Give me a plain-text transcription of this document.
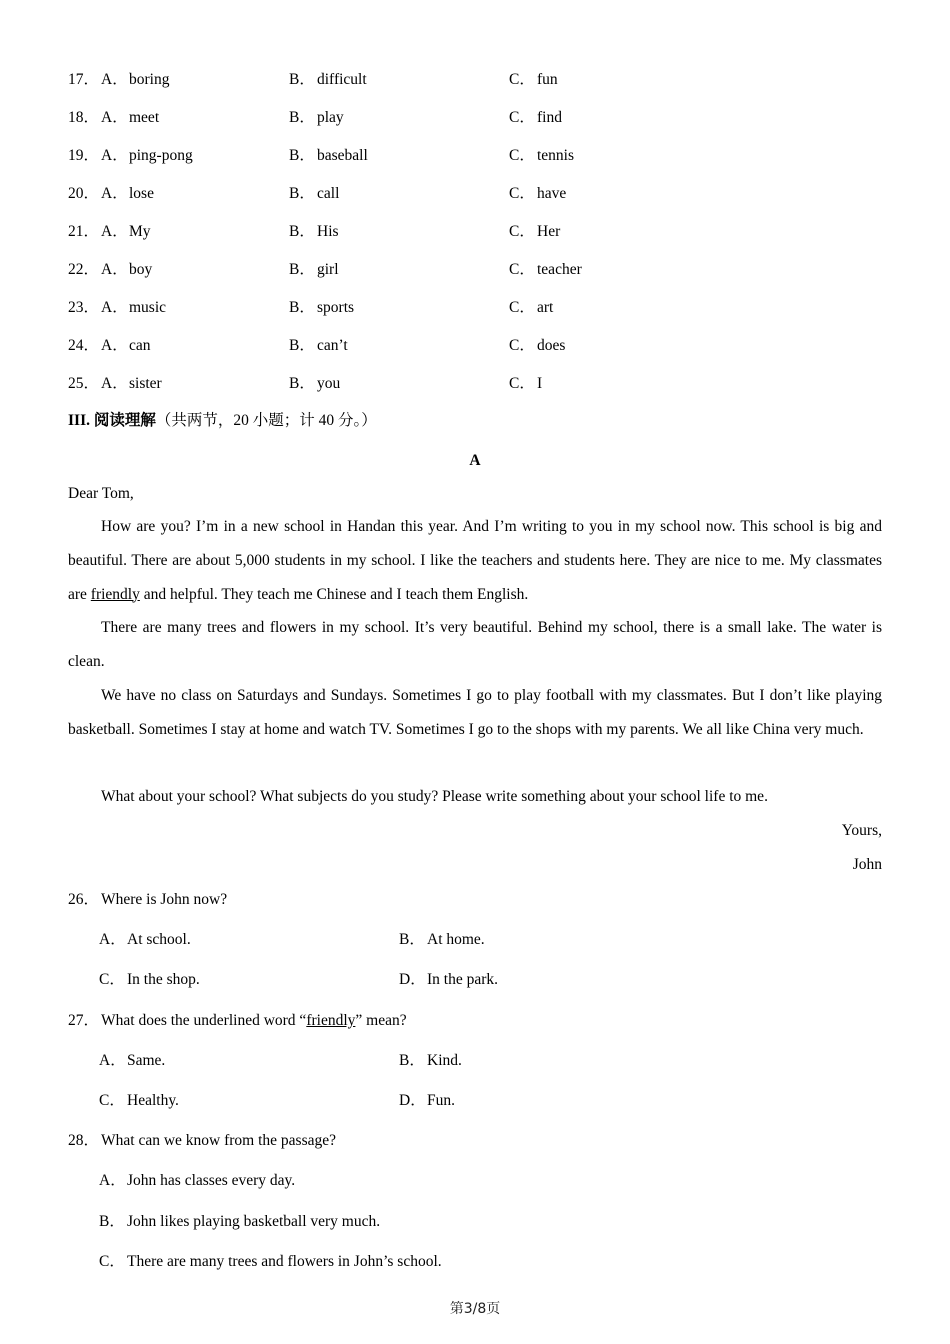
17． A．boring	B． difficult	C． fun
18． A．meet	B． play	C． find
19． A．ping-pong	B． baseball	C． tennis
20． A．lose	B． call	C． have
21． A．My	B． His	C． Her
22． A．boy	B． girl	C． teacher
23． A．music	B． sports	C． art
24． A．can	B． can’t	C． does
25． A．sister	B． you	C． I
III. 阅读理解（共两节，20 小题；计 40 分。）
A
Dear Tom,
How are you? I’m in a new school in Handan this year. And I’m writing to you in my school now. This school is big and beautiful. There are about 5,000 students in my school. I like the teachers and students here. They are nice to me. My classmates are friendly and helpful. They teach me Chinese and I teach them English.
There are many trees and flowers in my school. It’s very beautiful. Behind my school, there is a small lake. The water is clean.
We have no class on Saturdays and Sundays. Sometimes I go to play football with my classmates. But I don’t like playing basketball. Sometimes I stay at home and watch TV. Sometimes I go to the shops with my parents. We all like China very much.
What about your school? What subjects do you study? Please write something about your school life to me.
Yours,
John
26． Where is John now?
A．At school.	B． At home.
C． In the shop.	D．In the park.
27． What does the underlined word “friendly” mean?
A．Same.	B． Kind.
C． Healthy.	D．Fun.
28． What can we know from the passage?
A．John has classes every day.
B． John likes playing basketball very much.
C． There are many trees and flowers in John’s school.
第3/8页
